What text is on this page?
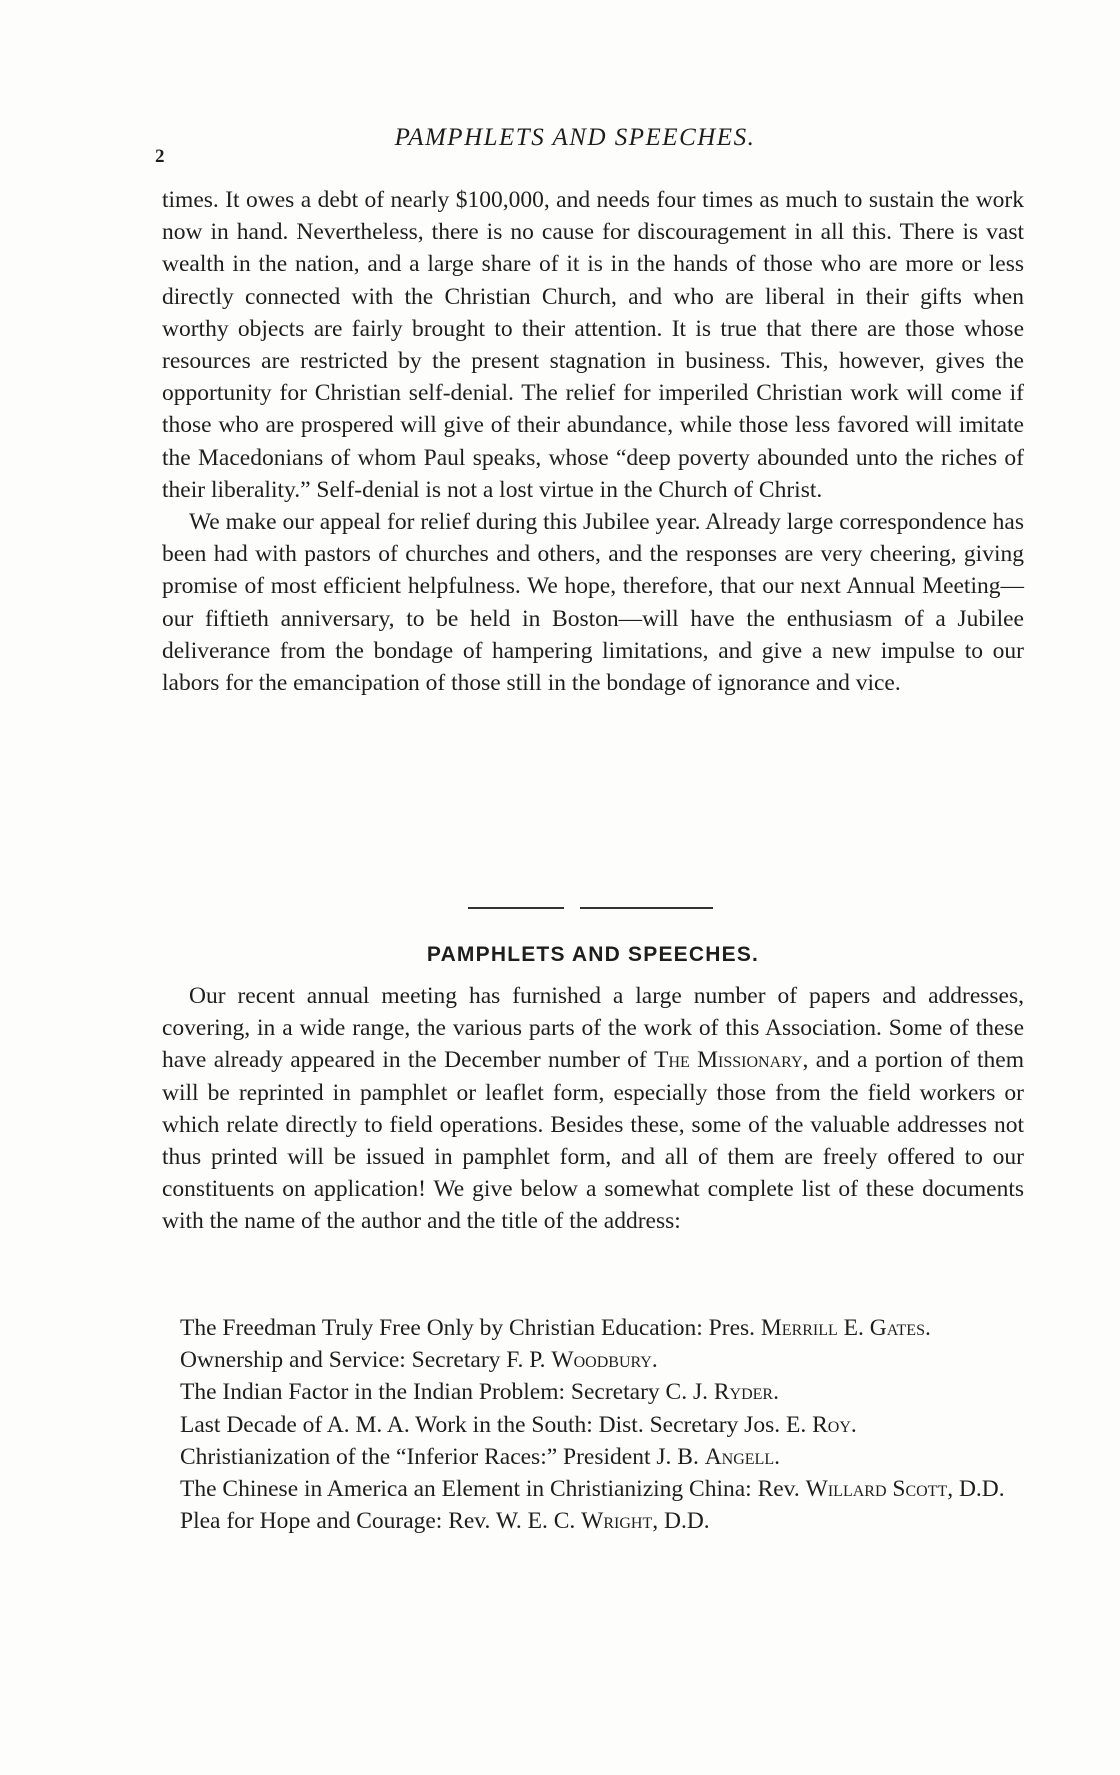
2
PAMPHLETS AND SPEECHES.

times. It owes a debt of nearly $100,000, and needs four times as much to sustain the work now in hand. Nevertheless, there is no cause for discouragement in all this. There is vast wealth in the nation, and a large share of it is in the hands of those who are more or less directly connected with the Christian Church, and who are liberal in their gifts when worthy objects are fairly brought to their attention. It is true that there are those whose resources are restricted by the present stagnation in business. This, however, gives the opportunity for Christian self-denial. The relief for imperiled Christian work will come if those who are prospered will give of their abundance, while those less favored will imitate the Macedonians of whom Paul speaks, whose “deep poverty abounded unto the riches of their liberality.” Self-denial is not a lost virtue in the Church of Christ.

We make our appeal for relief during this Jubilee year. Already large correspondence has been had with pastors of churches and others, and the responses are very cheering, giving promise of most efficient helpfulness. We hope, therefore, that our next Annual Meeting—our fiftieth anniversary, to be held in Boston—will have the enthusiasm of a Jubilee deliverance from the bondage of hampering limitations, and give a new impulse to our labors for the emancipation of those still in the bondage of ignorance and vice.

PAMPHLETS AND SPEECHES.

Our recent annual meeting has furnished a large number of papers and addresses, covering, in a wide range, the various parts of the work of this Association. Some of these have already appeared in the December number of The Missionary, and a portion of them will be reprinted in pamphlet or leaflet form, especially those from the field workers or which relate directly to field operations. Besides these, some of the valuable addresses not thus printed will be issued in pamphlet form, and all of them are freely offered to our constituents on application! We give below a somewhat complete list of these documents with the name of the author and the title of the address:

The Freedman Truly Free Only by Christian Education: Pres. Merrill E. Gates.
Ownership and Service: Secretary F. P. Woodbury.
The Indian Factor in the Indian Problem: Secretary C. J. Ryder.
Last Decade of A. M. A. Work in the South: Dist. Secretary Jos. E. Roy.
Christianization of the “Inferior Races:” President J. B. Angell.
The Chinese in America an Element in Christianizing China: Rev. Willard Scott, D.D.
Plea for Hope and Courage: Rev. W. E. C. Wright, D.D.
